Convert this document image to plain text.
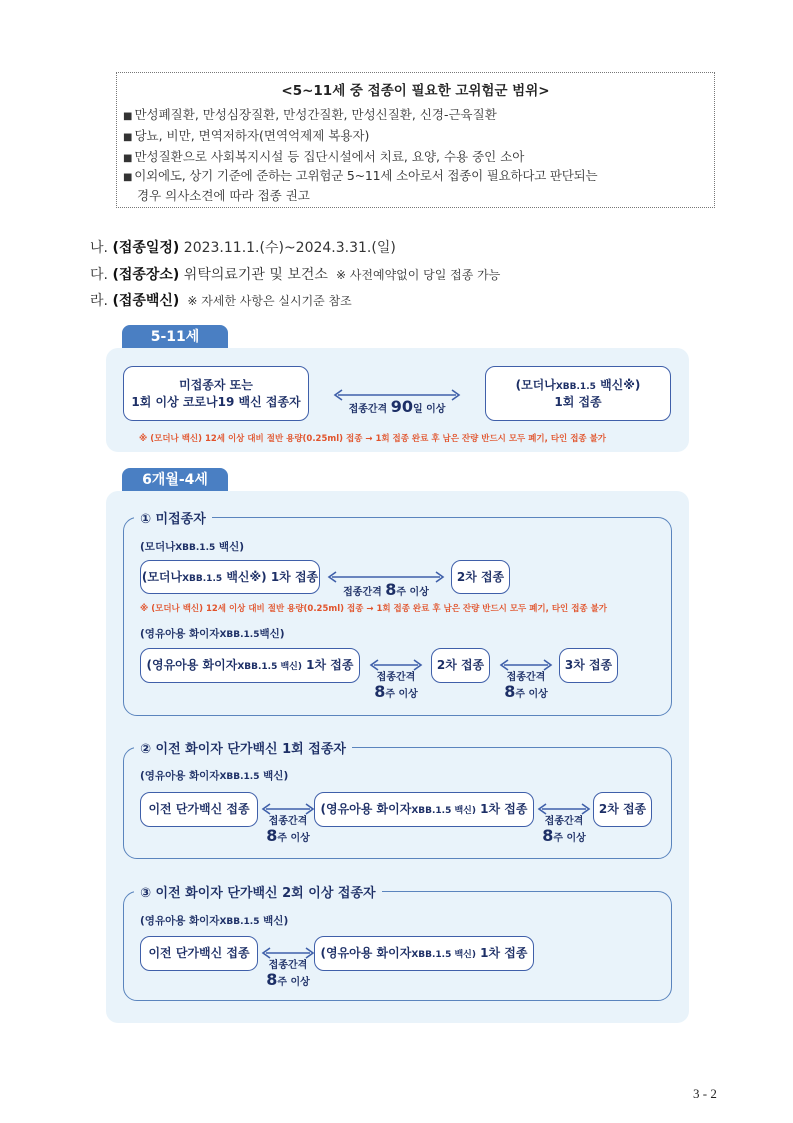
<5~11세 중 접종이 필요한 고위험군 범위>
■ 만성폐질환, 만성심장질환, 만성간질환, 만성신질환, 신경-근육질환
■ 당뇨, 비만, 면역저하자(면역억제제 복용자)
■ 만성질환으로 사회복지시설 등 집단시설에서 치료, 요양, 수용 중인 소아
■ 이외에도, 상기 기준에 준하는 고위험군 5~11세 소아로서 접종이 필요하다고 판단되는
경우 의사소견에 따라 접종 권고
나. (접종일정) 2023.11.1.(수)~2024.3.31.(일)
다. (접종장소) 위탁의료기관 및 보건소 ※ 사전예약없이 당일 접종 가능
라. (접종백신) ※ 자세한 사항은 실시기준 참조
5-11세
미접종자 또는
1회 이상 코로나19 백신 접종자
접종간격 90일 이상
(모더나XBB.1.5 백신※)
1회 접종
※ (모더나 백신) 12세 이상 대비 절반 용량(0.25ml) 접종 → 1회 접종 완료 후 남은 잔량 반드시 모두 폐기, 타인 접종 불가
6개월-4세
① 미접종자
(모더나XBB.1.5 백신)
(모더나XBB.1.5 백신※) 1차 접종
접종간격 8주 이상
2차 접종
※ (모더나 백신) 12세 이상 대비 절반 용량(0.25ml) 접종 → 1회 접종 완료 후 남은 잔량 반드시 모두 폐기, 타인 접종 불가
(영유아용 화이자XBB.1.5백신)
(영유아용 화이자XBB.1.5 백신) 1차 접종
접종간격
8주 이상
2차 접종
접종간격
8주 이상
3차 접종
② 이전 화이자 단가백신 1회 접종자
(영유아용 화이자XBB.1.5 백신)
이전 단가백신 접종
접종간격
8주 이상
(영유아용 화이자XBB.1.5 백신) 1차 접종
접종간격
8주 이상
2차 접종
③ 이전 화이자 단가백신 2회 이상 접종자
(영유아용 화이자XBB.1.5 백신)
이전 단가백신 접종
접종간격
8주 이상
(영유아용 화이자XBB.1.5 백신) 1차 접종
3 - 2
